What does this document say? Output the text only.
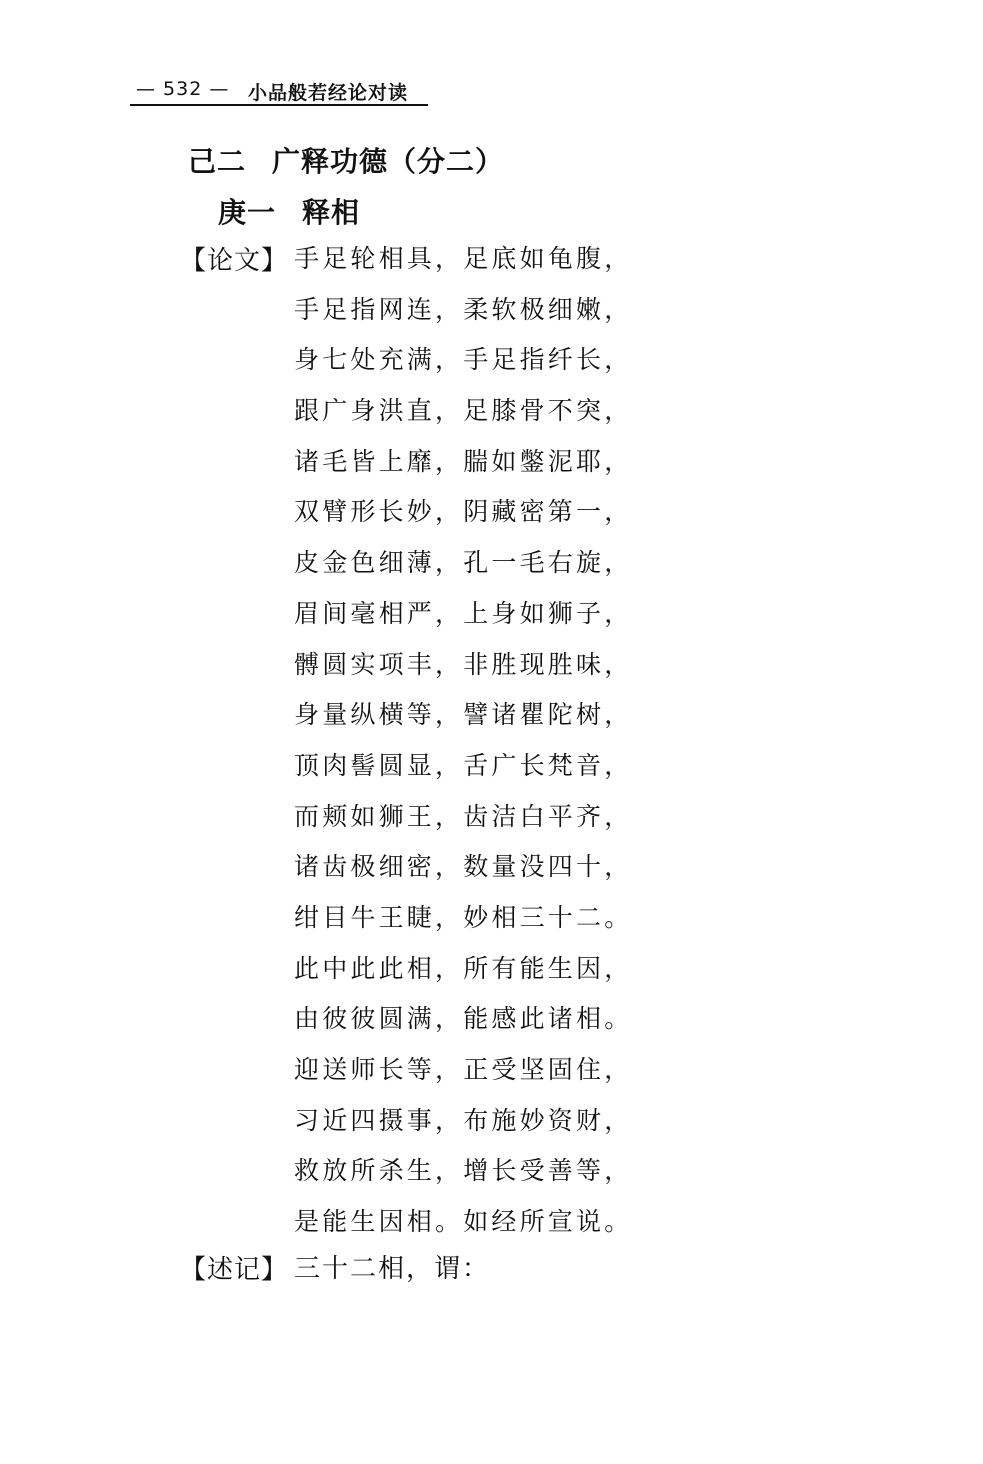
— 532 — 小品般若经论对读
己二 广释功德（分二）
庚一 释相
【论文】 手足轮相具，足底如龟腹，
手足指网连，柔软极细嫩，
身七处充满，手足指纤长，
跟广身洪直，足膝骨不突，
诸毛皆上靡，腨如鐅泥耶，
双臂形长妙，阴藏密第一，
皮金色细薄，孔一毛右旋，
眉间毫相严，上身如狮子，
髆圆实项丰，非胜现胜味，
身量纵横等，譬诸瞿陀树，
顶肉髻圆显，舌广长梵音，
而颊如狮王，齿洁白平齐，
诸齿极细密，数量没四十，
绀目牛王睫，妙相三十二。
此中此此相，所有能生因，
由彼彼圆满，能感此诸相。
迎送师长等，正受坚固住，
习近四摄事，布施妙资财，
救放所杀生，增长受善等，
是能生因相。如经所宣说。
【述记】 三十二相，谓：
